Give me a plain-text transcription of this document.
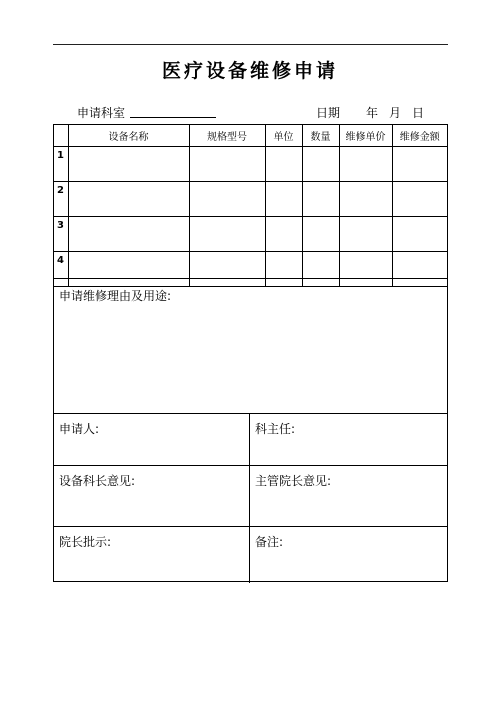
医疗设备维修申请
申请科室	日期 年 月 日
	设备名称	规格型号	单位	数量	维修单价	维修金额
1						
2						
3						
4						
申请维修理由及用途:
申请人:	科主任:
设备科长意见:	主管院长意见:
院长批示:	备注:
